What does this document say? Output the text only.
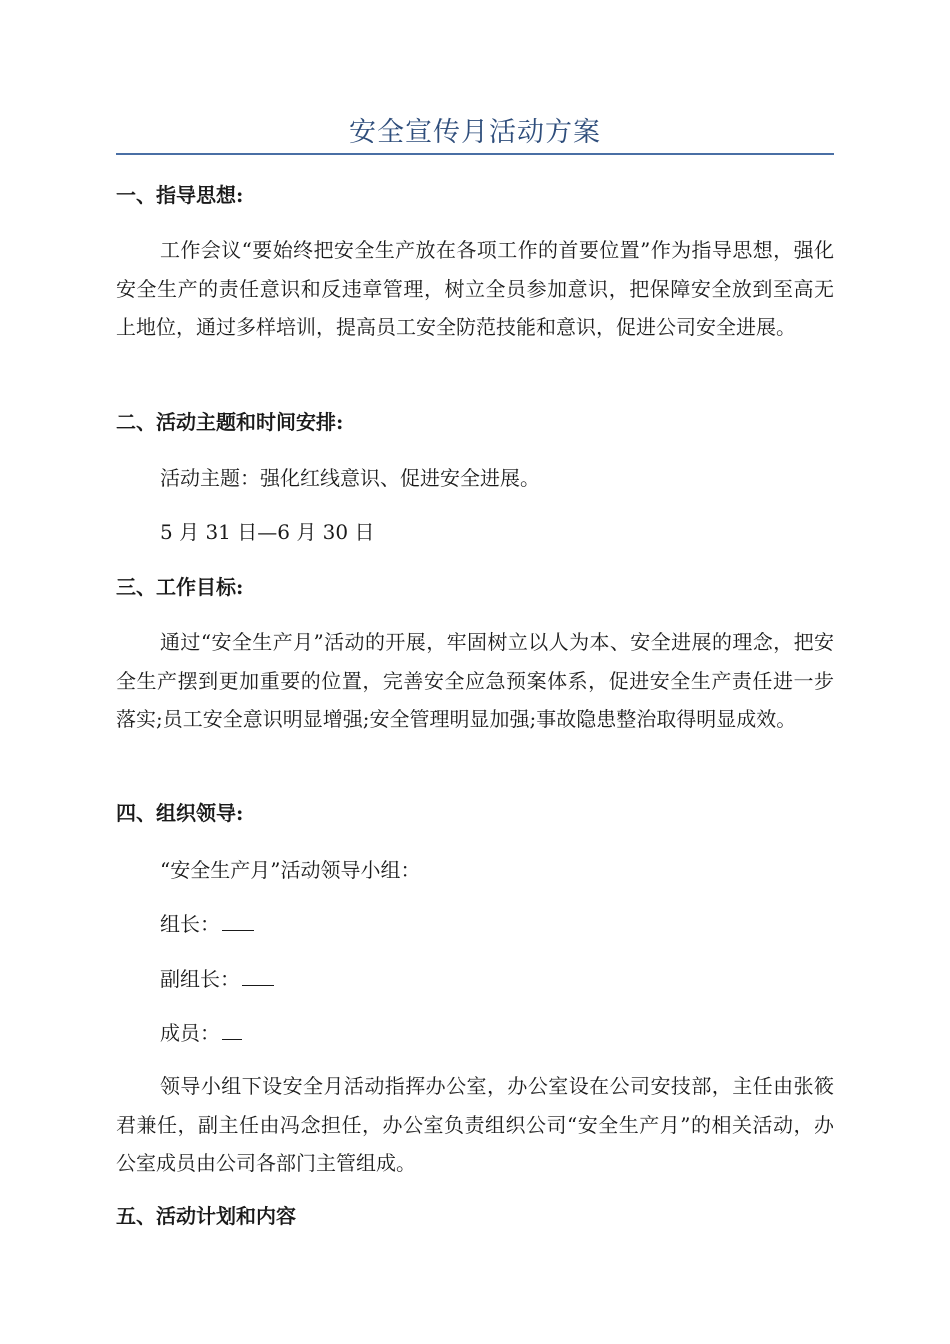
安全宣传月活动方案
一、指导思想:
工作会议“要始终把安全生产放在各项工作的首要位置”作为指导思想，强化安全生产的责任意识和反违章管理，树立全员参加意识，把保障安全放到至高无上地位，通过多样培训，提高员工安全防范技能和意识，促进公司安全进展。
二、活动主题和时间安排:
活动主题：强化红线意识、促进安全进展。
5 月 31 日—6 月 30 日
三、工作目标:
通过“安全生产月”活动的开展，牢固树立以人为本、安全进展的理念，把安全生产摆到更加重要的位置，完善安全应急预案体系，促进安全生产责任进一步落实;员工安全意识明显增强;安全管理明显加强;事故隐患整治取得明显成效。
四、组织领导:
“安全生产月”活动领导小组：
组长：
副组长：
成员：
领导小组下设安全月活动指挥办公室，办公室设在公司安技部，主任由张筱君兼任，副主任由冯念担任，办公室负责组织公司“安全生产月”的相关活动，办公室成员由公司各部门主管组成。
五、活动计划和内容
